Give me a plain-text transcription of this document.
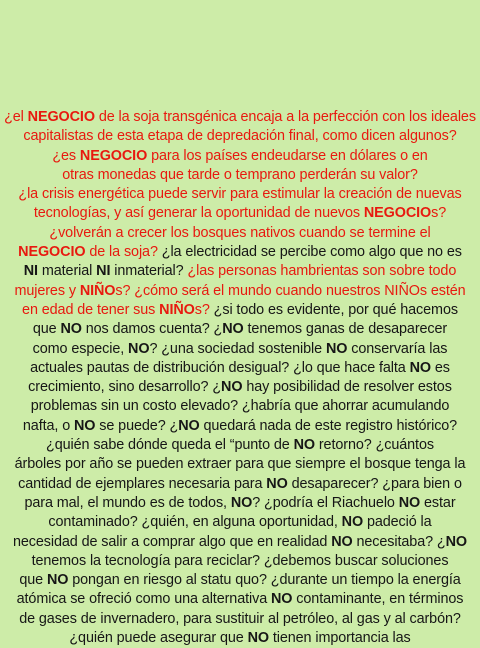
¿el NEGOCIO de la soja transgénica encaja a la perfección con los ideales
capitalistas de esta etapa de depredación final, como dicen algunos?
¿es NEGOCIO para los países endeudarse en dólares o en
otras monedas que tarde o temprano perderán su valor?
¿la crisis energética puede servir para estimular la creación de nuevas
tecnologías, y así generar la oportunidad de nuevos NEGOCIOs?
¿volverán a crecer los bosques nativos cuando se termine el
NEGOCIO de la soja? ¿la electricidad se percibe como algo que no es
NI material NI inmaterial? ¿las personas hambrientas son sobre todo
mujeres y NIÑOs? ¿cómo será el mundo cuando nuestros NIÑOs estén
en edad de tener sus NIÑOs? ¿si todo es evidente, por qué hacemos
que NO nos damos cuenta? ¿NO tenemos ganas de desaparecer
como especie, NO? ¿una sociedad sostenible NO conservaría las
actuales pautas de distribución desigual? ¿lo que hace falta NO es
crecimiento, sino desarrollo? ¿NO hay posibilidad de resolver estos
problemas sin un costo elevado? ¿habría que ahorrar acumulando
nafta, o NO se puede? ¿NO quedará nada de este registro histórico?
¿quién sabe dónde queda el “punto de NO retorno? ¿cuántos
árboles por año se pueden extraer para que siempre el bosque tenga la
cantidad de ejemplares necesaria para NO desaparecer? ¿para bien o
para mal, el mundo es de todos, NO? ¿podría el Riachuelo NO estar
contaminado? ¿quién, en alguna oportunidad, NO padeció la
necesidad de salir a comprar algo que en realidad NO necesitaba? ¿NO
tenemos la tecnología para reciclar? ¿debemos buscar soluciones
que NO pongan en riesgo al statu quo? ¿durante un tiempo la energía
atómica se ofreció como una alternativa NO contaminante, en términos
de gases de invernadero, para sustituir al petróleo, al gas y al carbón?
¿quién puede asegurar que NO tienen importancia las
